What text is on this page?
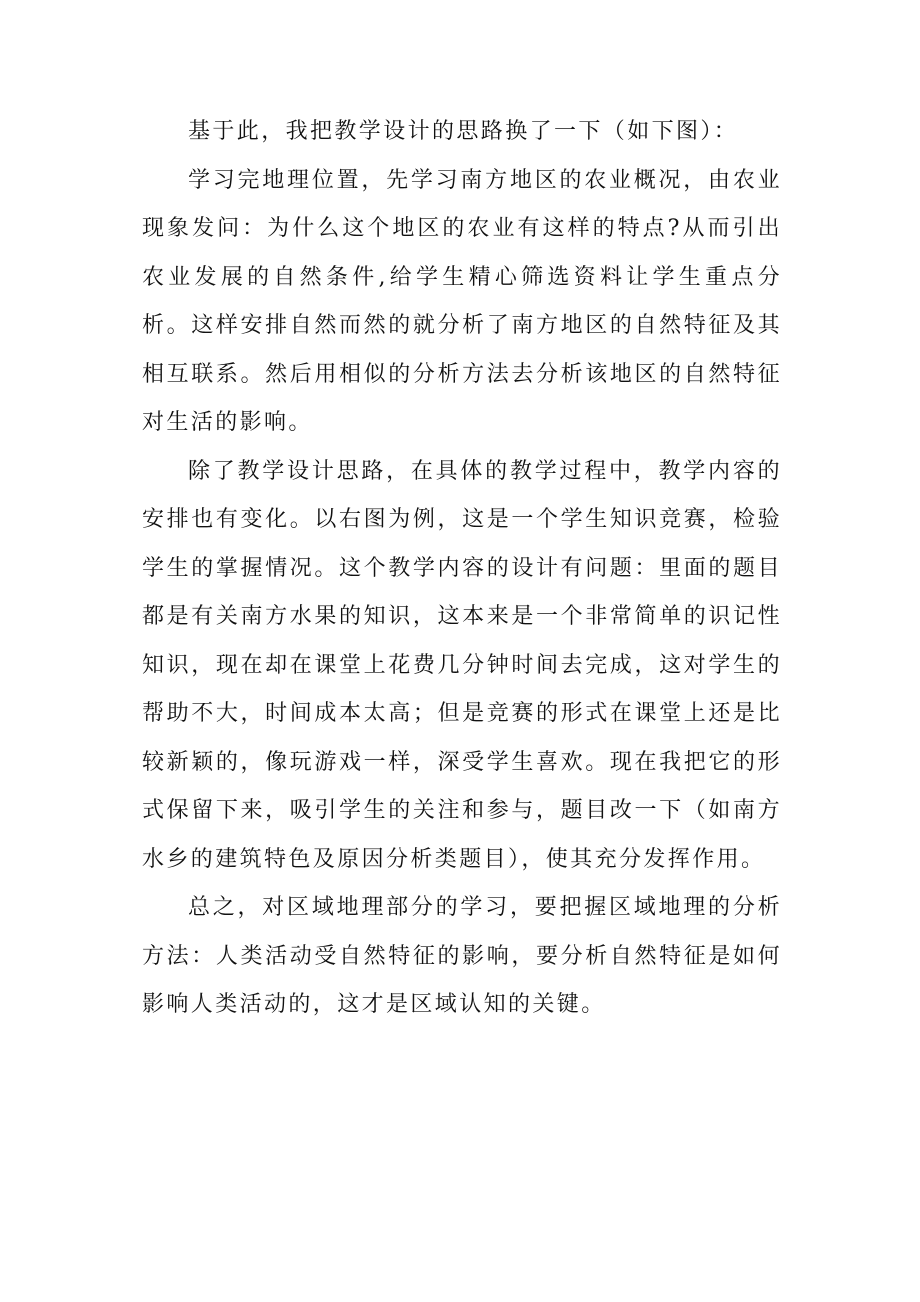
基于此，我把教学设计的思路换了一下（如下图）：

学习完地理位置，先学习南方地区的农业概况，由农业现象发问：为什么这个地区的农业有这样的特点?从而引出农业发展的自然条件,给学生精心筛选资料让学生重点分析。这样安排自然而然的就分析了南方地区的自然特征及其相互联系。然后用相似的分析方法去分析该地区的自然特征对生活的影响。

除了教学设计思路，在具体的教学过程中，教学内容的安排也有变化。以右图为例，这是一个学生知识竞赛，检验学生的掌握情况。这个教学内容的设计有问题：里面的题目都是有关南方水果的知识，这本来是一个非常简单的识记性知识，现在却在课堂上花费几分钟时间去完成，这对学生的帮助不大，时间成本太高；但是竞赛的形式在课堂上还是比较新颖的，像玩游戏一样，深受学生喜欢。现在我把它的形式保留下来，吸引学生的关注和参与，题目改一下（如南方水乡的建筑特色及原因分析类题目），使其充分发挥作用。

总之，对区域地理部分的学习，要把握区域地理的分析方法：人类活动受自然特征的影响，要分析自然特征是如何影响人类活动的，这才是区域认知的关键。
